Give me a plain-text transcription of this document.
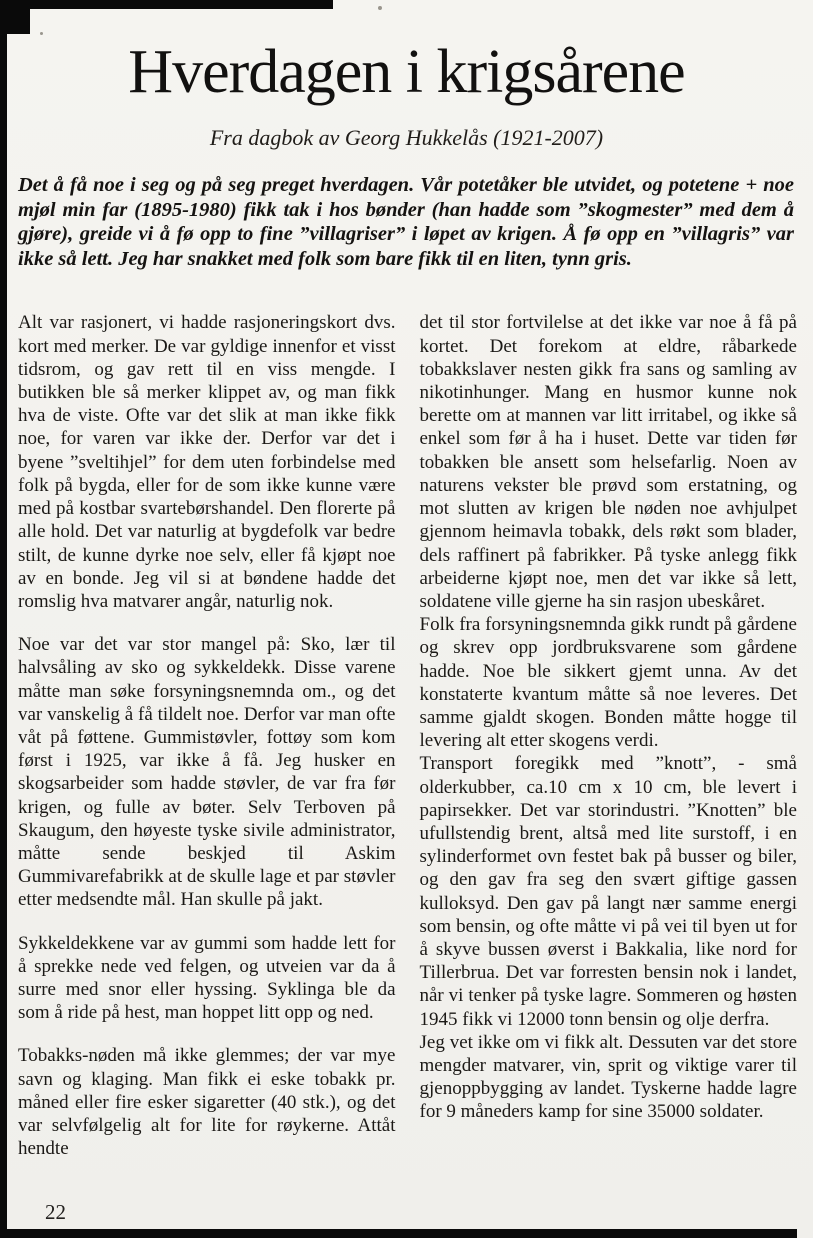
Hverdagen i krigsårene
Fra dagbok av Georg Hukkelås (1921-2007)

Det å få noe i seg og på seg preget hverdagen. Vår potetåker ble utvidet, og potetene + noe mjøl min far (1895-1980) fikk tak i hos bønder (han hadde som ”skogmester” med dem å gjøre), greide vi å fø opp to fine ”villagriser” i løpet av krigen. Å fø opp en ”villagris” var ikke så lett. Jeg har snakket med folk som bare fikk til en liten, tynn gris.

Alt var rasjonert, vi hadde rasjoneringskort dvs. kort med merker. De var gyldige innenfor et visst tidsrom, og gav rett til en viss mengde. I butikken ble så merker klippet av, og man fikk hva de viste. Ofte var det slik at man ikke fikk noe, for varen var ikke der. Derfor var det i byene ”sveltihjel” for dem uten forbindelse med folk på bygda, eller for de som ikke kunne være med på kostbar svartebørshandel. Den florerte på alle hold. Det var naturlig at bygdefolk var bedre stilt, de kunne dyrke noe selv, eller få kjøpt noe av en bonde. Jeg vil si at bøndene hadde det romslig hva matvarer angår, naturlig nok.

Noe var det var stor mangel på: Sko, lær til halvsåling av sko og sykkeldekk. Disse varene måtte man søke forsyningsnemnda om., og det var vanskelig å få tildelt noe. Derfor var man ofte våt på føttene. Gummistøvler, fottøy som kom først i 1925, var ikke å få. Jeg husker en skogsarbeider som hadde støvler, de var fra før krigen, og fulle av bøter. Selv Terboven på Skaugum, den høyeste tyske sivile administrator, måtte sende beskjed til Askim Gummivarefabrikk at de skulle lage et par støvler etter medsendte mål. Han skulle på jakt.

Sykkeldekkene var av gummi som hadde lett for å sprekke nede ved felgen, og utveien var da å surre med snor eller hyssing. Syklinga ble da som å ride på hest, man hoppet litt opp og ned.

Tobakks-nøden må ikke glemmes; der var mye savn og klaging. Man fikk ei eske tobakk pr. måned eller fire esker sigaretter (40 stk.), og det var selvfølgelig alt for lite for røykerne. Attåt hendte

det til stor fortvilelse at det ikke var noe å få på kortet. Det forekom at eldre, råbarkede tobakkslaver nesten gikk fra sans og samling av nikotinhunger. Mang en husmor kunne nok berette om at mannen var litt irritabel, og ikke så enkel som før å ha i huset. Dette var tiden før tobakken ble ansett som helsefarlig. Noen av naturens vekster ble prøvd som erstatning, og mot slutten av krigen ble nøden noe avhjulpet gjennom heimavla tobakk, dels røkt som blader, dels raffinert på fabrikker. På tyske anlegg fikk arbeiderne kjøpt noe, men det var ikke så lett, soldatene ville gjerne ha sin rasjon ubeskåret.

Folk fra forsyningsnemnda gikk rundt på gårdene og skrev opp jordbruksvarene som gårdene hadde. Noe ble sikkert gjemt unna. Av det konstaterte kvantum måtte så noe leveres. Det samme gjaldt skogen. Bonden måtte hogge til levering alt etter skogens verdi.

Transport foregikk med ”knott”, - små olderkubber, ca.10 cm x 10 cm, ble levert i papirsekker. Det var storindustri. ”Knotten” ble ufullstendig brent, altså med lite surstoff, i en sylinderformet ovn festet bak på busser og biler, og den gav fra seg den svært giftige gassen kulloksyd. Den gav på langt nær samme energi som bensin, og ofte måtte vi på vei til byen ut for å skyve bussen øverst i Bakkalia, like nord for Tillerbrua. Det var forresten bensin nok i landet, når vi tenker på tyske lagre. Sommeren og høsten 1945 fikk vi 12000 tonn bensin og olje derfra.

Jeg vet ikke om vi fikk alt. Dessuten var det store mengder matvarer, vin, sprit og viktige varer til gjenoppbygging av landet. Tyskerne hadde lagre for 9 måneders kamp for sine 35000 soldater.

22
